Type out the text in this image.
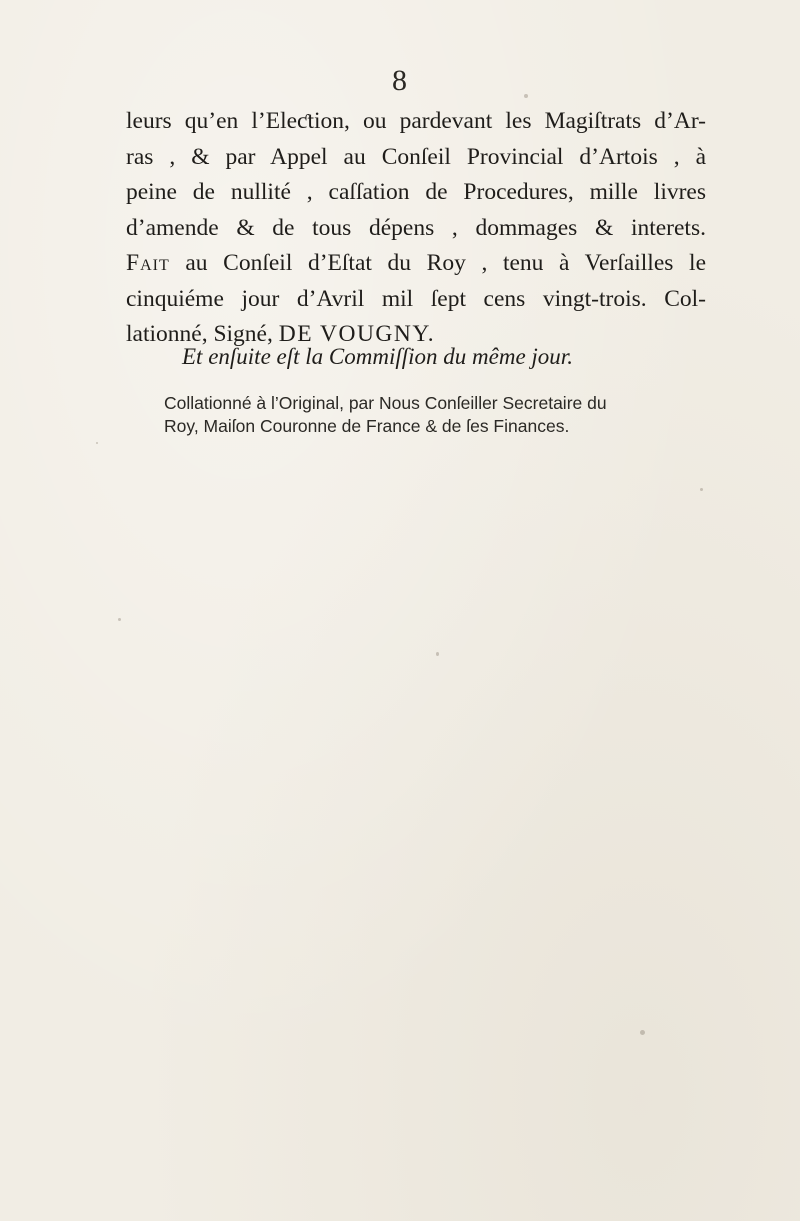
8
leurs qu’en l’Eleƈtion, ou pardevant les Magiſtrats d’Ar-
ras , & par Appel au Conſeil Provincial d’Artois , à
peine de nullité , caſſation de Procedures, mille livres
d’amende & de tous dépens , dommages & interets.
Fait au Conſeil d’Eſtat du Roy , tenu à Verſailles le
cinquiéme jour d’Avril mil ſept cens vingt-trois. Col-
lationné, Signé, DE VOUGNY.
Et enſuite eſt la Commiſſion du même jour.
Collationné à l’Original, par Nous Conſeiller Secretaire du
Roy, Maiſon Couronne de France & de ſes Finances.
